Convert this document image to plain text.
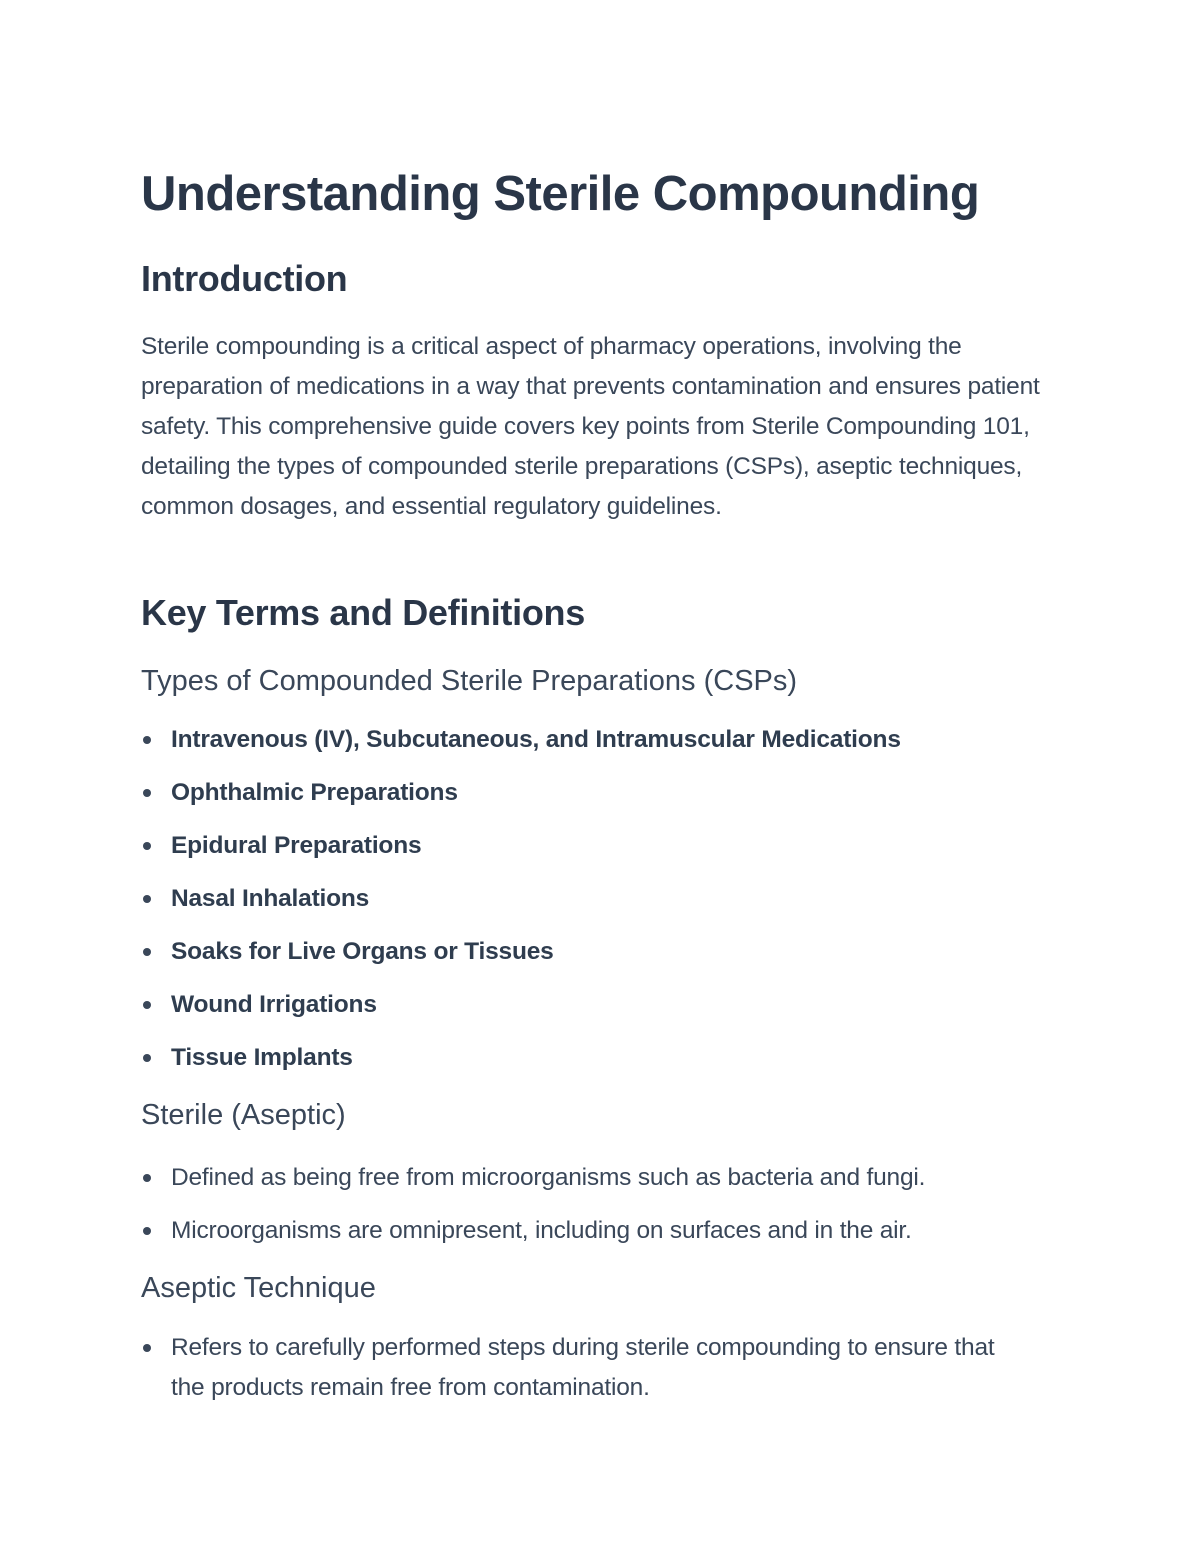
Understanding Sterile Compounding
Introduction

Sterile compounding is a critical aspect of pharmacy operations, involving the preparation of medications in a way that prevents contamination and ensures patient safety. This comprehensive guide covers key points from Sterile Compounding 101, detailing the types of compounded sterile preparations (CSPs), aseptic techniques, common dosages, and essential regulatory guidelines.

Key Terms and Definitions
Types of Compounded Sterile Preparations (CSPs)
Intravenous (IV), Subcutaneous, and Intramuscular Medications
Ophthalmic Preparations
Epidural Preparations
Nasal Inhalations
Soaks for Live Organs or Tissues
Wound Irrigations
Tissue Implants
Sterile (Aseptic)
Defined as being free from microorganisms such as bacteria and fungi.
Microorganisms are omnipresent, including on surfaces and in the air.
Aseptic Technique
Refers to carefully performed steps during sterile compounding to ensure that the products remain free from contamination.
